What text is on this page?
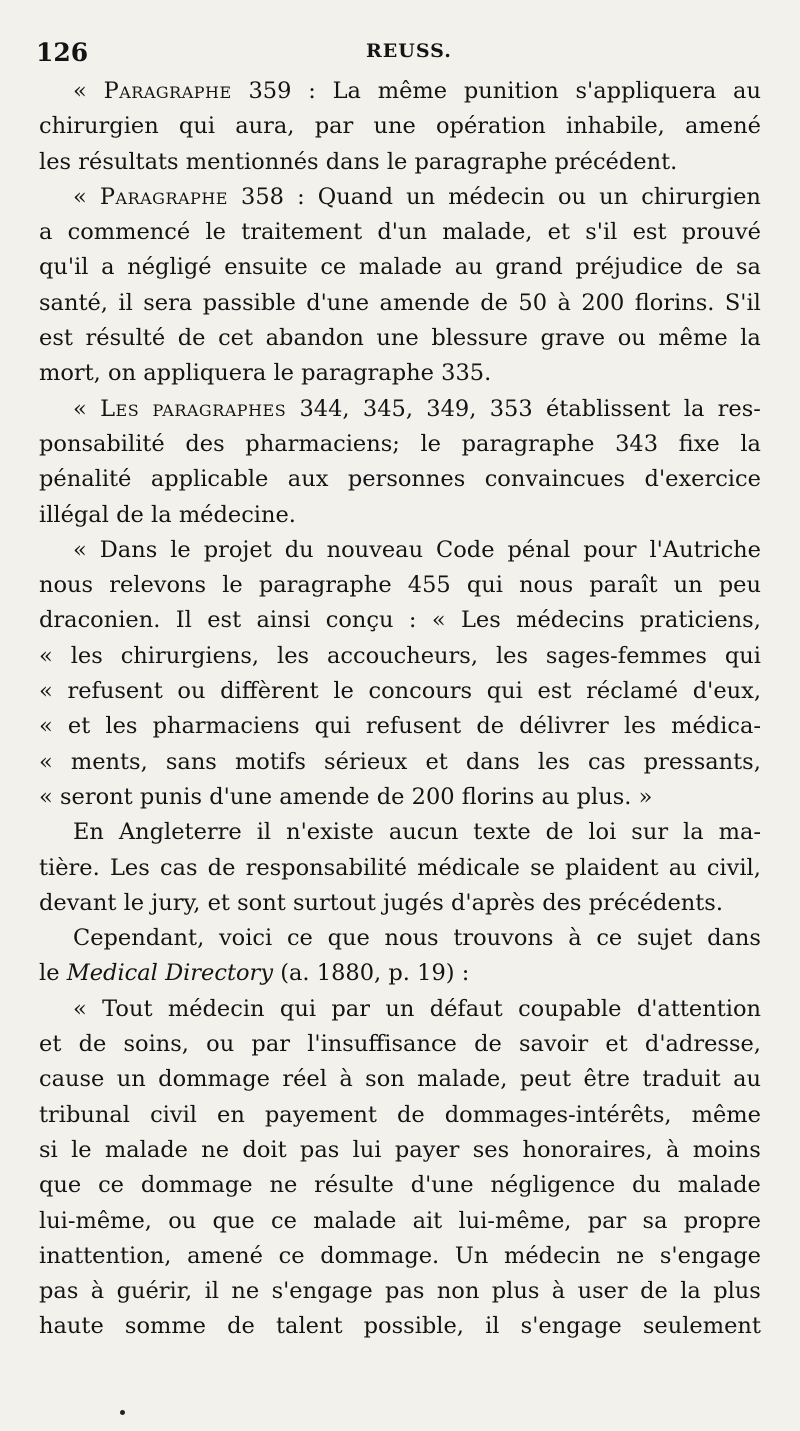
126	REUSS.
« Paragraphe 359 : La même punition s'appliquera au
chirurgien qui aura, par une opération inhabile, amené
les résultats mentionnés dans le paragraphe précédent.
« Paragraphe 358 : Quand un médecin ou un chirurgien
a commencé le traitement d'un malade, et s'il est prouvé
qu'il a négligé ensuite ce malade au grand préjudice de sa
santé, il sera passible d'une amende de 50 à 200 florins. S'il
est résulté de cet abandon une blessure grave ou même la
mort, on appliquera le paragraphe 335.
« Les paragraphes 344, 345, 349, 353 établissent la res-
ponsabilité des pharmaciens; le paragraphe 343 fixe la
pénalité applicable aux personnes convaincues d'exercice
illégal de la médecine.
« Dans le projet du nouveau Code pénal pour l'Autriche
nous relevons le paragraphe 455 qui nous paraît un peu
draconien. Il est ainsi conçu : « Les médecins praticiens,
« les chirurgiens, les accoucheurs, les sages-femmes qui
« refusent ou diffèrent le concours qui est réclamé d'eux,
« et les pharmaciens qui refusent de délivrer les médica-
« ments, sans motifs sérieux et dans les cas pressants,
« seront punis d'une amende de 200 florins au plus. »
En Angleterre il n'existe aucun texte de loi sur la ma-
tière. Les cas de responsabilité médicale se plaident au civil,
devant le jury, et sont surtout jugés d'après des précédents.
Cependant, voici ce que nous trouvons à ce sujet dans
le Medical Directory (a. 1880, p. 19) :
« Tout médecin qui par un défaut coupable d'attention
et de soins, ou par l'insuffisance de savoir et d'adresse,
cause un dommage réel à son malade, peut être traduit au
tribunal civil en payement de dommages-intérêts, même
si le malade ne doit pas lui payer ses honoraires, à moins
que ce dommage ne résulte d'une négligence du malade
lui-même, ou que ce malade ait lui-même, par sa propre
inattention, amené ce dommage. Un médecin ne s'engage
pas à guérir, il ne s'engage pas non plus à user de la plus
haute somme de talent possible, il s'engage seulement
